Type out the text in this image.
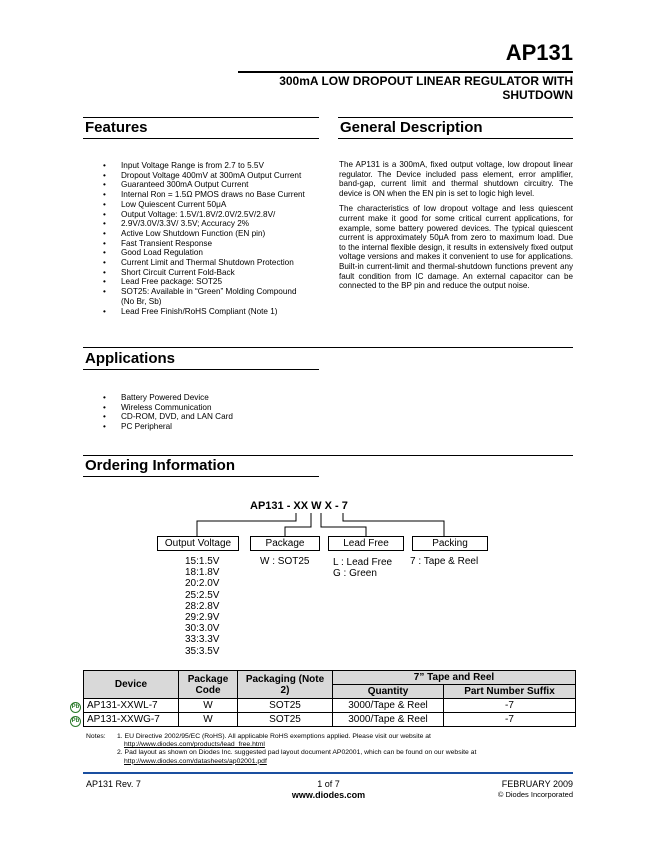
AP131
300mA LOW DROPOUT LINEAR REGULATOR WITH
SHUTDOWN
Features
• Input Voltage Range is from 2.7 to 5.5V
• Dropout Voltage 400mV at 300mA Output Current
• Guaranteed 300mA Output Current
• Internal Ron = 1.5Ω PMOS draws no Base Current
• Low Quiescent Current 50μA
• Output Voltage: 1.5V/1.8V/2.0V/2.5V/2.8V/
• 2.9V/3.0V/3.3V/ 3.5V; Accuracy 2%
• Active Low Shutdown Function (EN pin)
• Fast Transient Response
• Good Load Regulation
• Current Limit and Thermal Shutdown Protection
• Short Circuit Current Fold-Back
• Lead Free package: SOT25
• SOT25: Available in “Green” Molding Compound
(No Br, Sb)
• Lead Free Finish/RoHS Compliant (Note 1)
General Description

The AP131 is a 300mA, fixed output voltage, low dropout linear regulator. The Device included pass element, error amplifier, band-gap, current limit and thermal shutdown circuitry. The device is ON when the EN pin is set to logic high level.

The characteristics of low dropout voltage and less quiescent current make it good for some critical current applications, for example, some battery powered devices. The typical quiescent current is approximately 50μA from zero to maximum load. Due to the internal flexible design, it results in extensively fixed output voltage versions and makes it convenient to use for applications. Built-in current-limit and thermal-shutdown functions prevent any fault condition from IC damage. An external capacitor can be connected to the BP pin and reduce the output noise.

Applications
• Battery Powered Device
• Wireless Communication
• CD-ROM, DVD, and LAN Card
• PC Peripheral
Ordering Information
AP131 - XX W X - 7
Output Voltage	Package	Lead Free	Packing
15:1.5V
18:1.8V
20:2.0V
25:2.5V
28:2.8V
29:2.9V
30:3.0V
33:3.3V
35:3.5V
W : SOT25 L : Lead Free
G : Green
7 : Tape & Reel
Device	Package Code	Packaging (Note 2)	7” Tape and Reel	
			Quantity	Part Number Suffix
AP131-XXWL-7	W	SOT25	3000/Tape & Reel	-7
AP131-XXWG-7	W	SOT25	3000/Tape & Reel	-7
Pb
Pb
Notes: 1. EU Directive 2002/95/EC (RoHS). All applicable RoHS exemptions applied. Please visit our website at
http://www.diodes.com/products/lead_free.html
2. Pad layout as shown on Diodes Inc. suggested pad layout document AP02001, which can be found on our website at
http://www.diodes.com/datasheets/ap02001.pdf
AP131 Rev. 7	1 of 7
www.diodes.com
FEBRUARY 2009
© Diodes Incorporated
